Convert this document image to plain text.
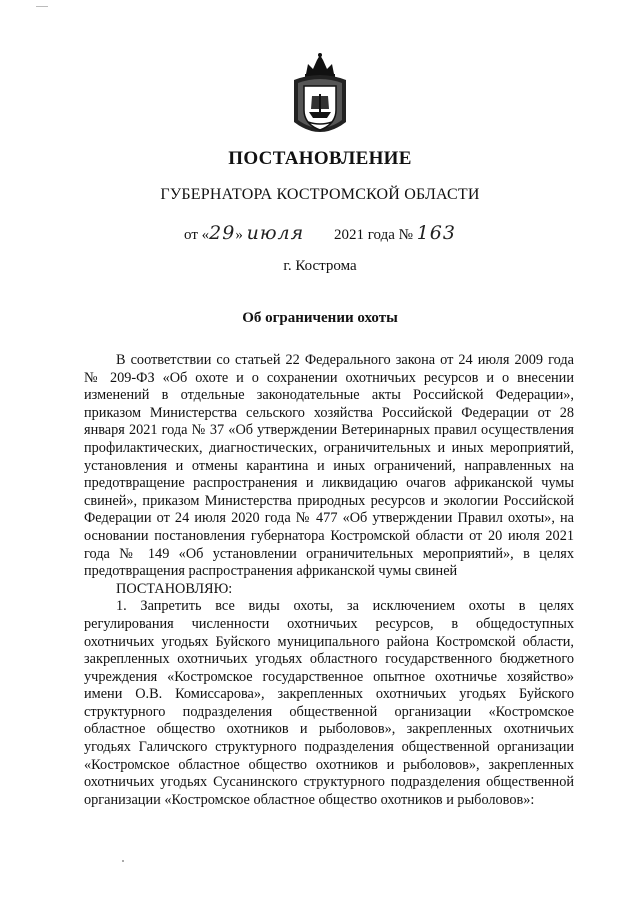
ПОСТАНОВЛЕНИЕ
ГУБЕРНАТОРА КОСТРОМСКОЙ ОБЛАСТИ
от «29» июля 2021 года № 163
г. Кострома
Об ограничении охоты

В соответствии со статьей 22 Федерального закона от 24 июля 2009 года № 209-ФЗ «Об охоте и о сохранении охотничьих ресурсов и о внесении изменений в отдельные законодательные акты Российской Федерации», приказом Министерства сельского хозяйства Российской Федерации от 28 января 2021 года № 37 «Об утверждении Ветеринарных правил осуществления профилактических, диагностических, ограничительных и иных мероприятий, установления и отмены карантина и иных ограничений, направленных на предотвращение распространения и ликвидацию очагов африканской чумы свиней», приказом Министерства природных ресурсов и экологии Российской Федерации от 24 июля 2020 года № 477 «Об утверждении Правил охоты», на основании постановления губернатора Костромской области от 20 июля 2021 года № 149 «Об установлении ограничительных мероприятий», в целях предотвращения распространения африканской чумы свиней

ПОСТАНОВЛЯЮ:

1. Запретить все виды охоты, за исключением охоты в целях регулирования численности охотничьих ресурсов, в общедоступных охотничьих угодьях Буйского муниципального района Костромской области, закрепленных охотничьих угодьях областного государственного бюджетного учреждения «Костромское государственное опытное охотничье хозяйство» имени О.В. Комиссарова», закрепленных охотничьих угодьях Буйского структурного подразделения общественной организации «Костромское областное общество охотников и рыболовов», закрепленных охотничьих угодьях Галичского структурного подразделения общественной организации «Костромское областное общество охотников и рыболовов», закрепленных охотничьих угодьях Сусанинского структурного подразделения общественной организации «Костромское областное общество охотников и рыболовов»:
